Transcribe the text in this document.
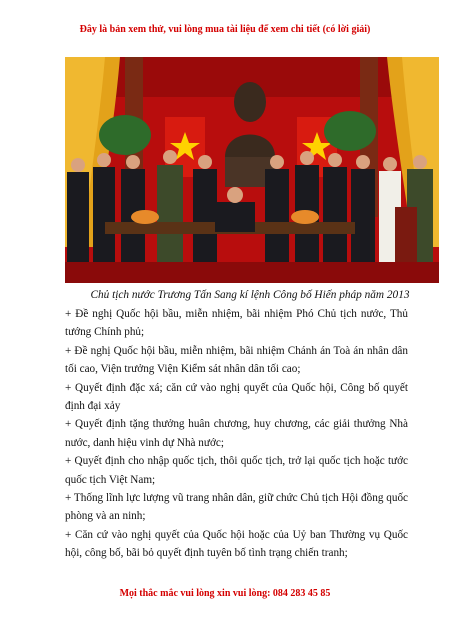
Đây là bản xem thử, vui lòng mua tài liệu để xem chi tiết (có lời giải)
Chủ tịch nước Trương Tấn Sang kí lệnh Công bố Hiến pháp năm 2013

+ Đề nghị Quốc hội bầu, miễn nhiệm, bãi nhiệm Phó Chủ tịch nước, Thủ tướng Chính phủ;

+ Đề nghị Quốc hội bầu, miễn nhiệm, bãi nhiệm Chánh án Toà án nhân dân tối cao, Viện trưởng Viện Kiểm sát nhân dân tối cao;

+ Quyết định đặc xá; căn cứ vào nghị quyết của Quốc hội, Công bố quyết định đại xảy

+ Quyết định tặng thưởng huân chương, huy chương, các giải thưởng Nhà nước, danh hiệu vinh dự Nhà nước;

+ Quyết định cho nhập quốc tịch, thôi quốc tịch, trở lại quốc tịch hoặc tước quốc tịch Việt Nam;

+ Thống lĩnh lực lượng vũ trang nhân dân, giữ chức Chủ tịch Hội đồng quốc phòng và an ninh;

+ Căn cứ vào nghị quyết của Quốc hội hoặc của Uỷ ban Thường vụ Quốc hội, công bố, bãi bỏ quyết định tuyên bố tình trạng chiến tranh;

Mọi thắc mắc vui lòng xin vui lòng: 084 283 45 85
